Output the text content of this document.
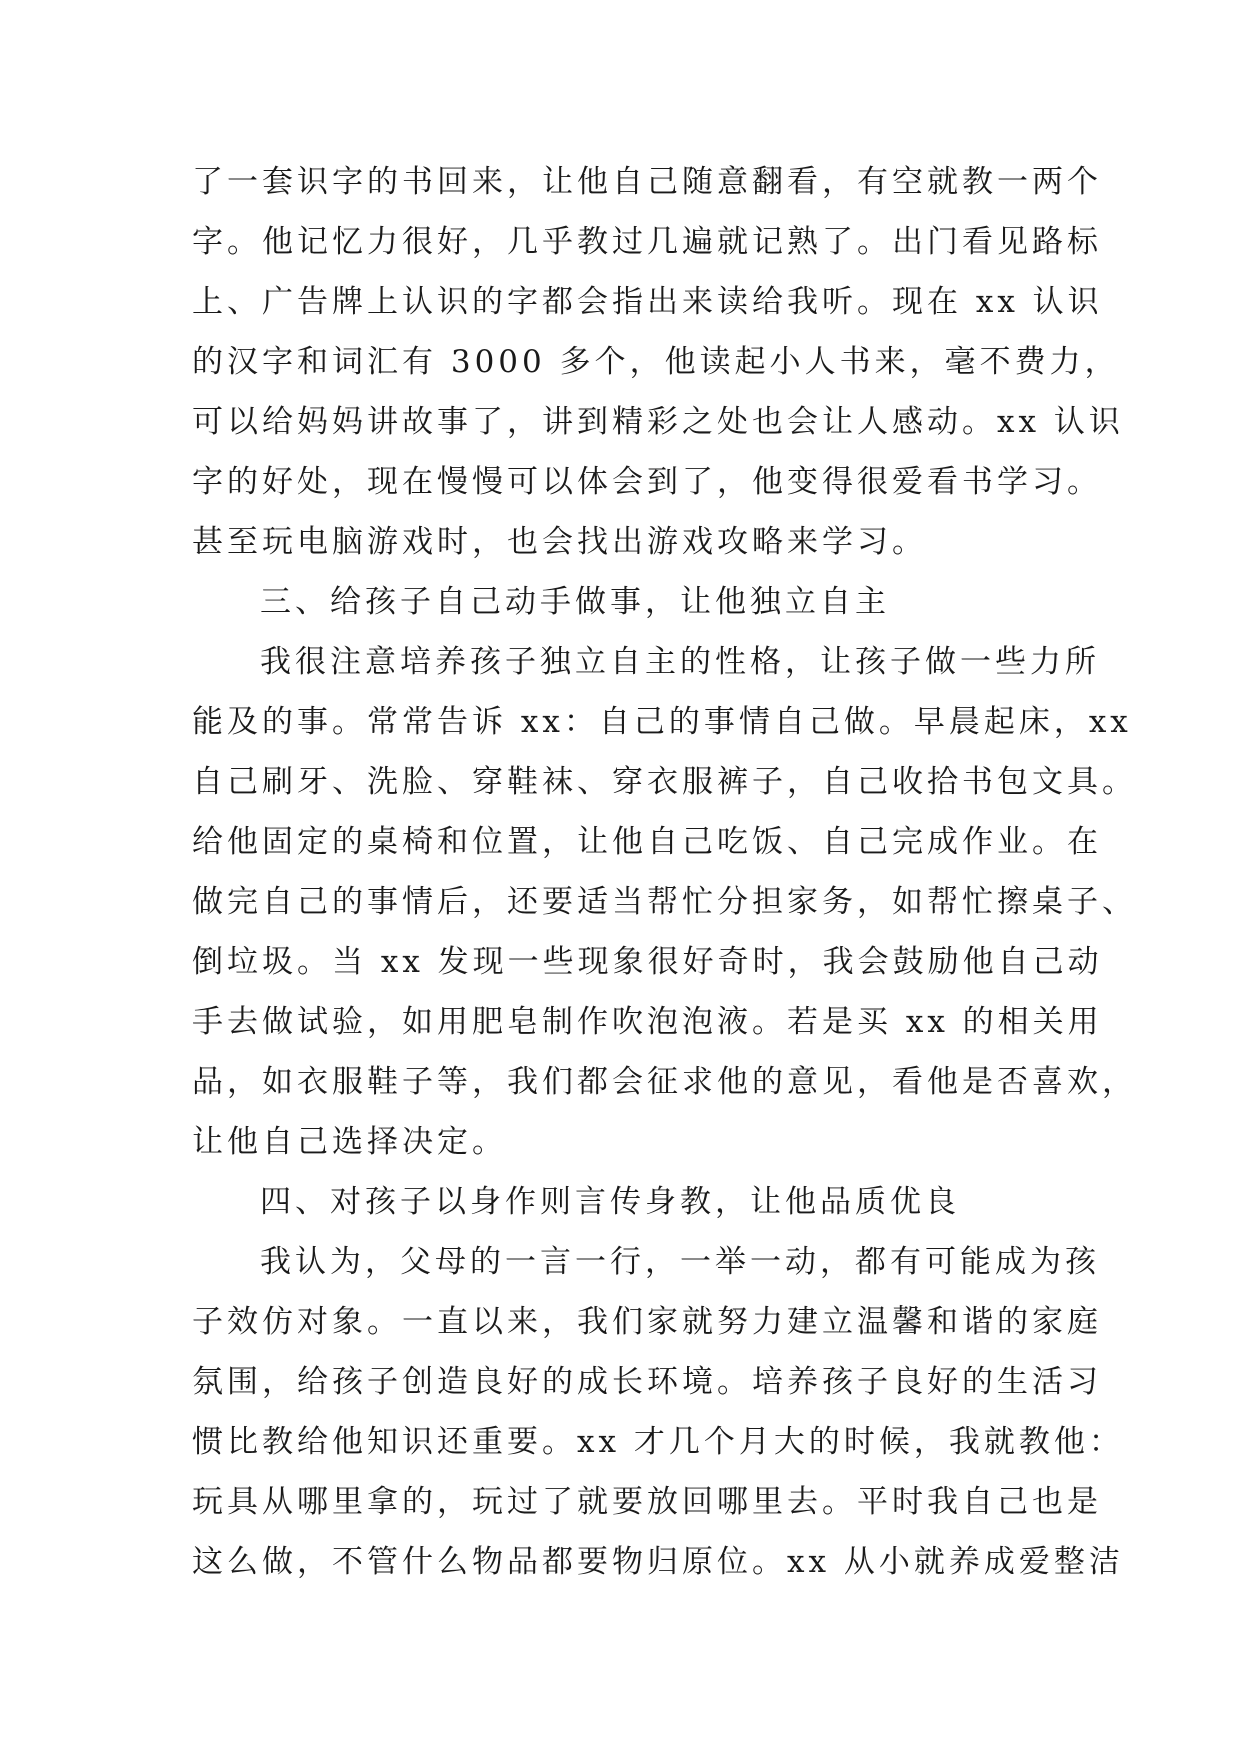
了一套识字的书回来，让他自己随意翻看，有空就教一两个
字。他记忆力很好，几乎教过几遍就记熟了。出门看见路标
上、广告牌上认识的字都会指出来读给我听。现在 xx 认识
的汉字和词汇有 3000 多个，他读起小人书来，毫不费力，
可以给妈妈讲故事了，讲到精彩之处也会让人感动。xx 认识
字的好处，现在慢慢可以体会到了，他变得很爱看书学习。
甚至玩电脑游戏时，也会找出游戏攻略来学习。
三、给孩子自己动手做事，让他独立自主
我很注意培养孩子独立自主的性格，让孩子做一些力所
能及的事。常常告诉 xx：自己的事情自己做。早晨起床，xx
自己刷牙、洗脸、穿鞋袜、穿衣服裤子，自己收拾书包文具。
给他固定的桌椅和位置，让他自己吃饭、自己完成作业。在
做完自己的事情后，还要适当帮忙分担家务，如帮忙擦桌子、
倒垃圾。当 xx 发现一些现象很好奇时，我会鼓励他自己动
手去做试验，如用肥皂制作吹泡泡液。若是买 xx 的相关用
品，如衣服鞋子等，我们都会征求他的意见，看他是否喜欢，
让他自己选择决定。
四、对孩子以身作则言传身教，让他品质优良
我认为，父母的一言一行，一举一动，都有可能成为孩
子效仿对象。一直以来，我们家就努力建立温馨和谐的家庭
氛围，给孩子创造良好的成长环境。培养孩子良好的生活习
惯比教给他知识还重要。xx 才几个月大的时候，我就教他：
玩具从哪里拿的，玩过了就要放回哪里去。平时我自己也是
这么做，不管什么物品都要物归原位。xx 从小就养成爱整洁
